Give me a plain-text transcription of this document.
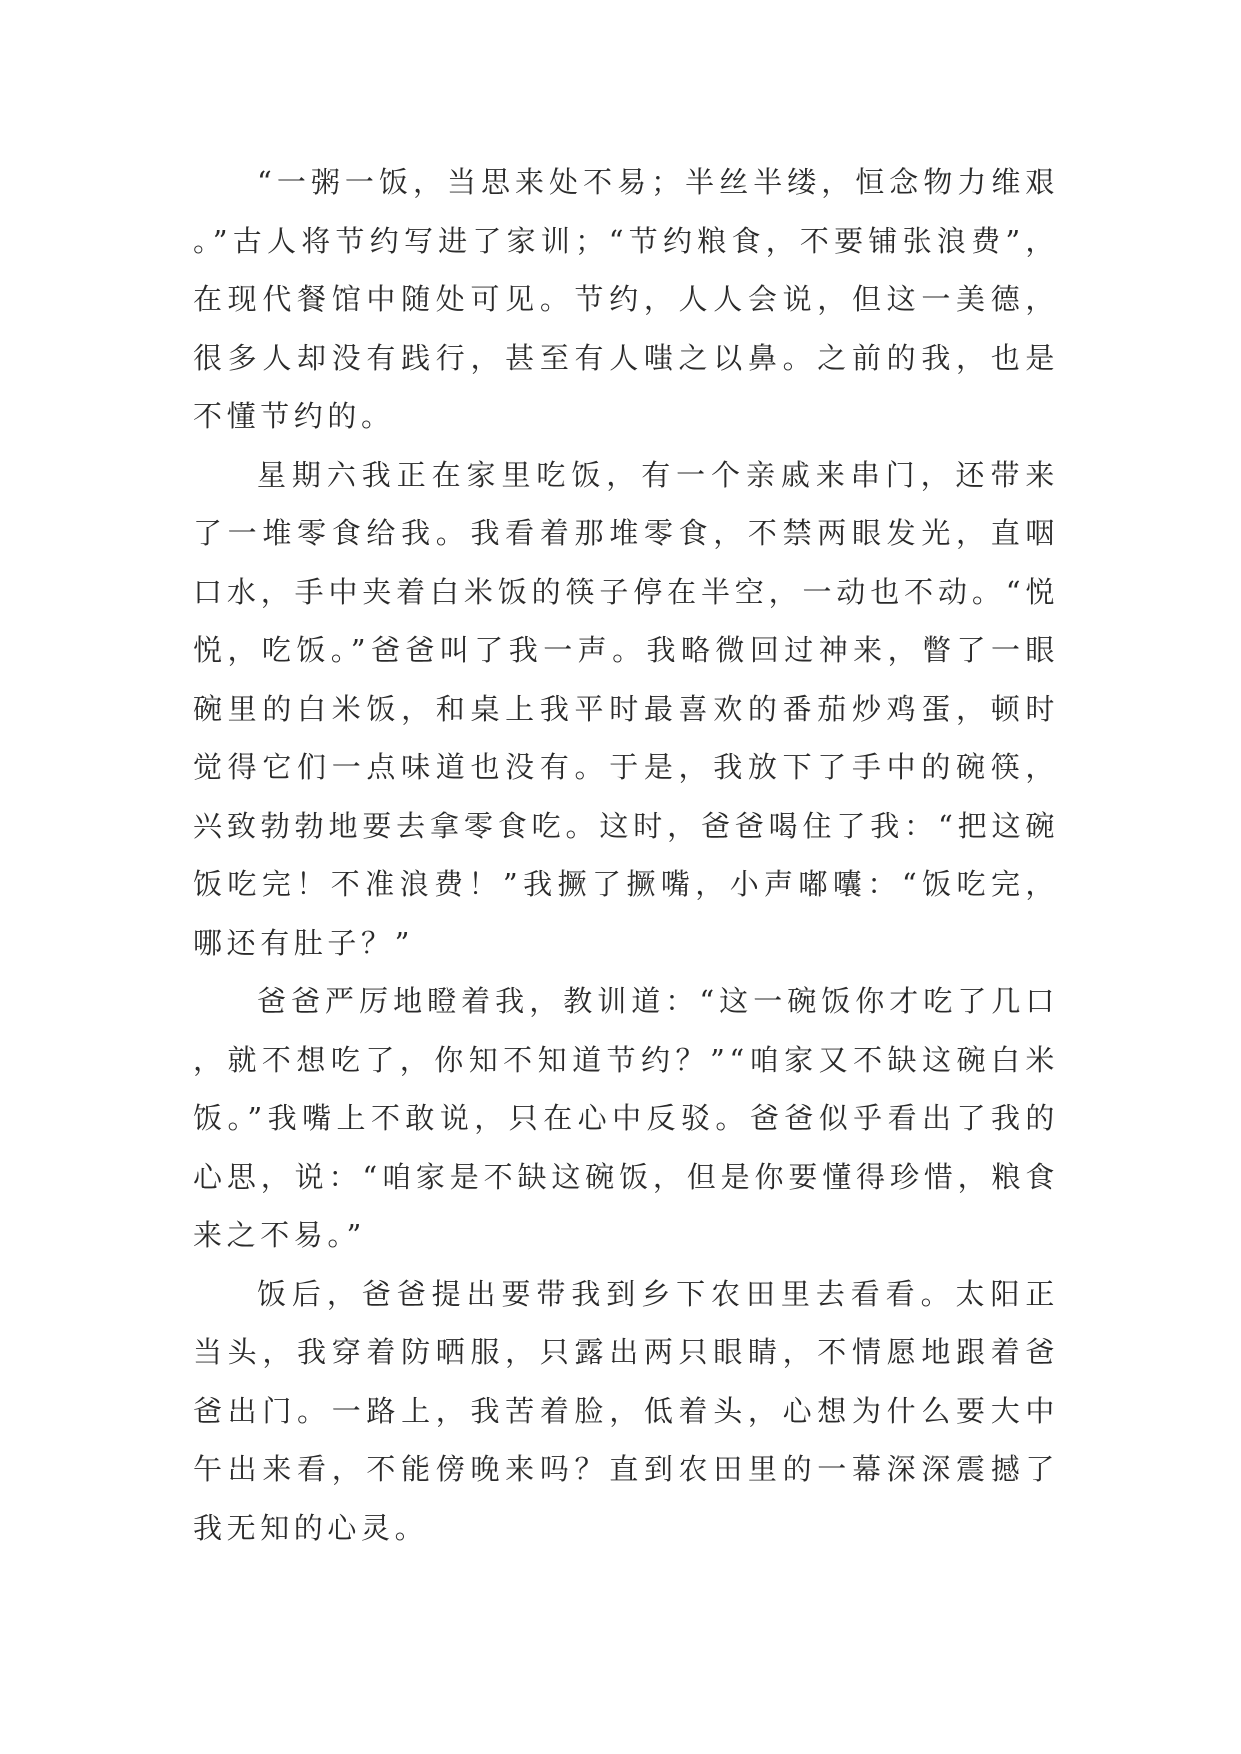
“一粥一饭，当思来处不易；半丝半缕，恒念物力维艰。”古人将节约写进了家训；“节约粮食，不要铺张浪费”，在现代餐馆中随处可见。节约，人人会说，但这一美德，很多人却没有践行，甚至有人嗤之以鼻。之前的我，也是不懂节约的。

星期六我正在家里吃饭，有一个亲戚来串门，还带来了一堆零食给我。我看着那堆零食，不禁两眼发光，直咽口水，手中夹着白米饭的筷子停在半空，一动也不动。“悦悦，吃饭。”爸爸叫了我一声。我略微回过神来，瞥了一眼碗里的白米饭，和桌上我平时最喜欢的番茄炒鸡蛋，顿时觉得它们一点味道也没有。于是，我放下了手中的碗筷，兴致勃勃地要去拿零食吃。这时，爸爸喝住了我：“把这碗饭吃完！不准浪费！”我撅了撅嘴，小声嘟囔：“饭吃完，哪还有肚子？”

爸爸严厉地瞪着我，教训道：“这一碗饭你才吃了几口，就不想吃了，你知不知道节约？”“咱家又不缺这碗白米饭。”我嘴上不敢说，只在心中反驳。爸爸似乎看出了我的心思，说：“咱家是不缺这碗饭，但是你要懂得珍惜，粮食来之不易。”

饭后，爸爸提出要带我到乡下农田里去看看。太阳正当头，我穿着防晒服，只露出两只眼睛，不情愿地跟着爸爸出门。一路上，我苦着脸，低着头，心想为什么要大中午出来看，不能傍晚来吗？直到农田里的一幕深深震撼了我无知的心灵。
